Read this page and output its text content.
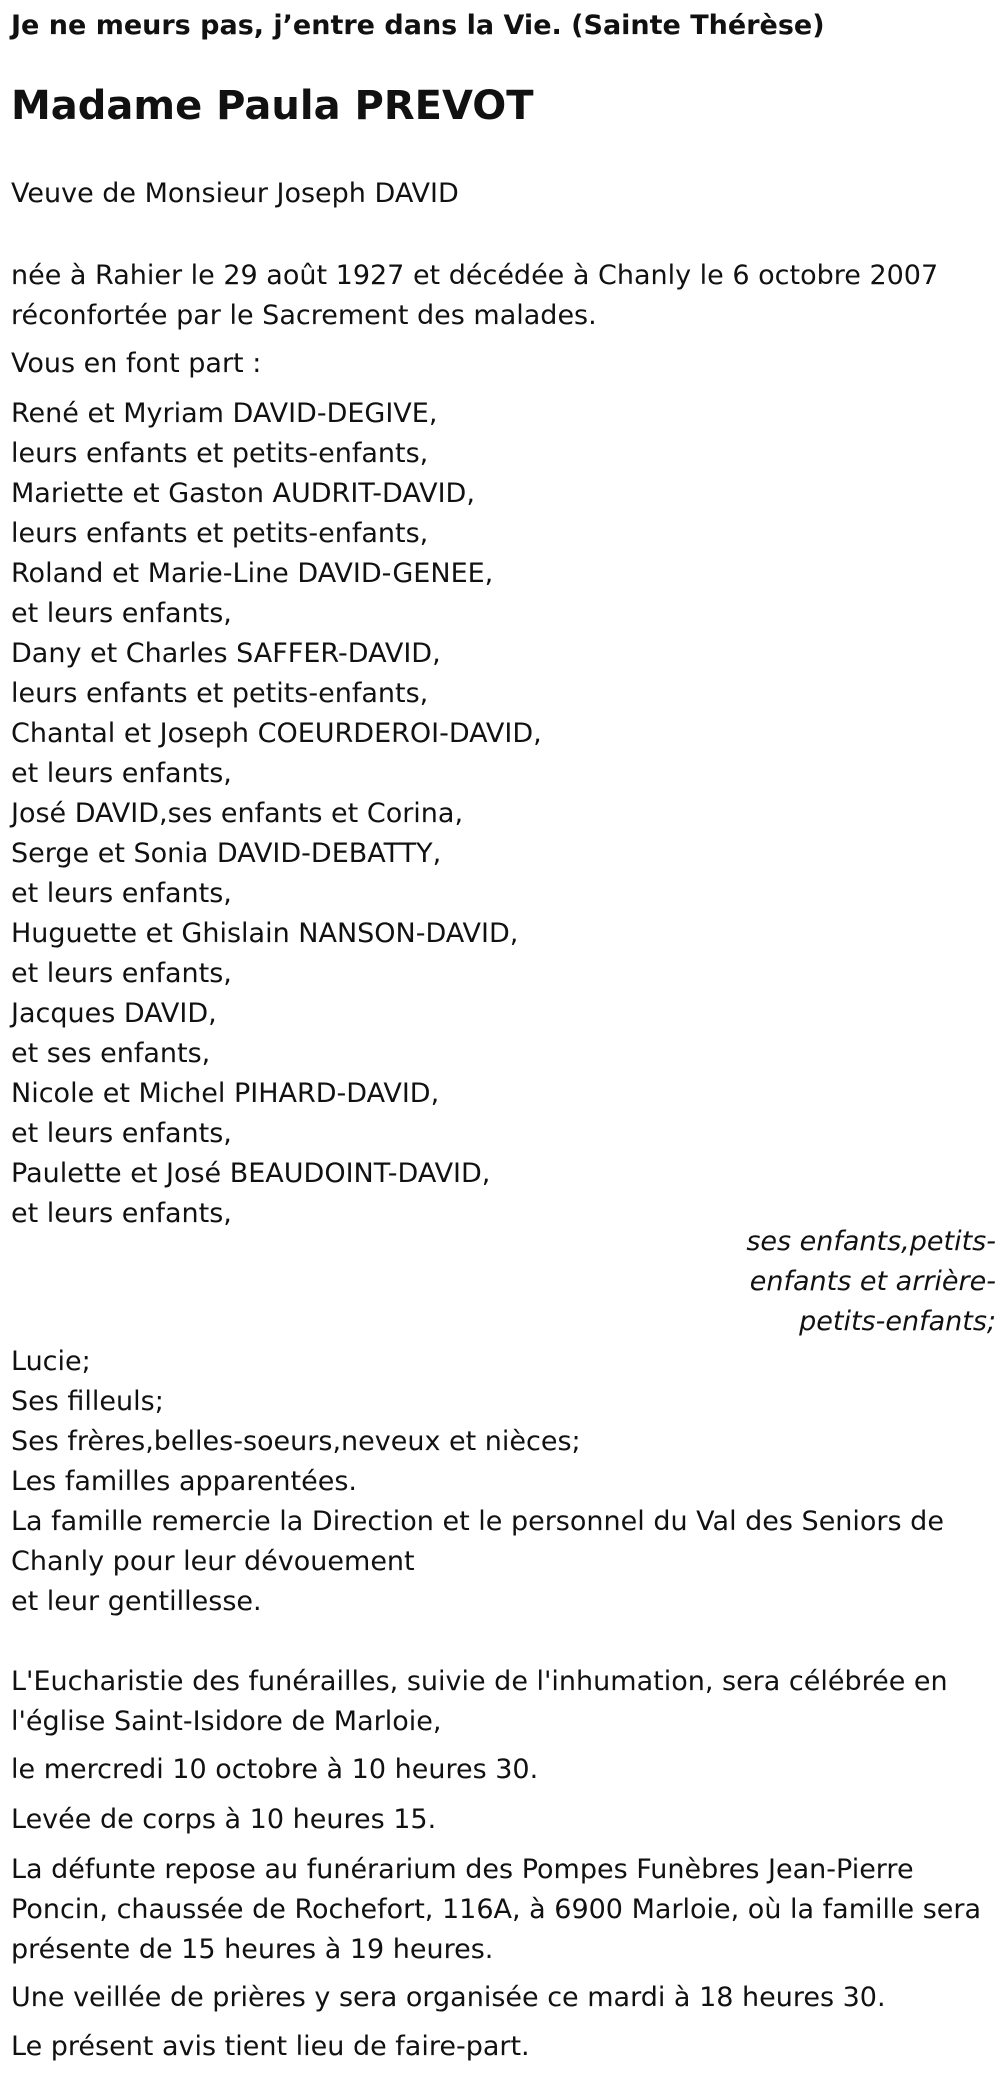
Je ne meurs pas, j’entre dans la Vie. (Sainte Thérèse)
Madame Paula PREVOT
Veuve de Monsieur Joseph DAVID
née à Rahier le 29 août 1927 et décédée à Chanly le 6 octobre 2007
réconfortée par le Sacrement des malades.
Vous en font part :
René et Myriam DAVID-DEGIVE,
leurs enfants et petits-enfants,
Mariette et Gaston AUDRIT-DAVID,
leurs enfants et petits-enfants,
Roland et Marie-Line DAVID-GENEE,
et leurs enfants,
Dany et Charles SAFFER-DAVID,
leurs enfants et petits-enfants,
Chantal et Joseph COEURDEROI-DAVID,
et leurs enfants,
José DAVID,ses enfants et Corina,
Serge et Sonia DAVID-DEBATTY,
et leurs enfants,
Huguette et Ghislain NANSON-DAVID,
et leurs enfants,
Jacques DAVID,
et ses enfants,
Nicole et Michel PIHARD-DAVID,
et leurs enfants,
Paulette et José BEAUDOINT-DAVID,
et leurs enfants,
ses enfants,petits-
enfants et arrière-
petits-enfants;
Lucie;
Ses filleuls;
Ses frères,belles-soeurs,neveux et nièces;
Les familles apparentées.
La famille remercie la Direction et le personnel du Val des Seniors de
Chanly pour leur dévouement
et leur gentillesse.
L'Eucharistie des funérailles, suivie de l'inhumation, sera célébrée en
l'église Saint-Isidore de Marloie,
le mercredi 10 octobre à 10 heures 30.
Levée de corps à 10 heures 15.
La défunte repose au funérarium des Pompes Funèbres Jean-Pierre
Poncin, chaussée de Rochefort, 116A, à 6900 Marloie, où la famille sera
présente de 15 heures à 19 heures.
Une veillée de prières y sera organisée ce mardi à 18 heures 30.
Le présent avis tient lieu de faire-part.
